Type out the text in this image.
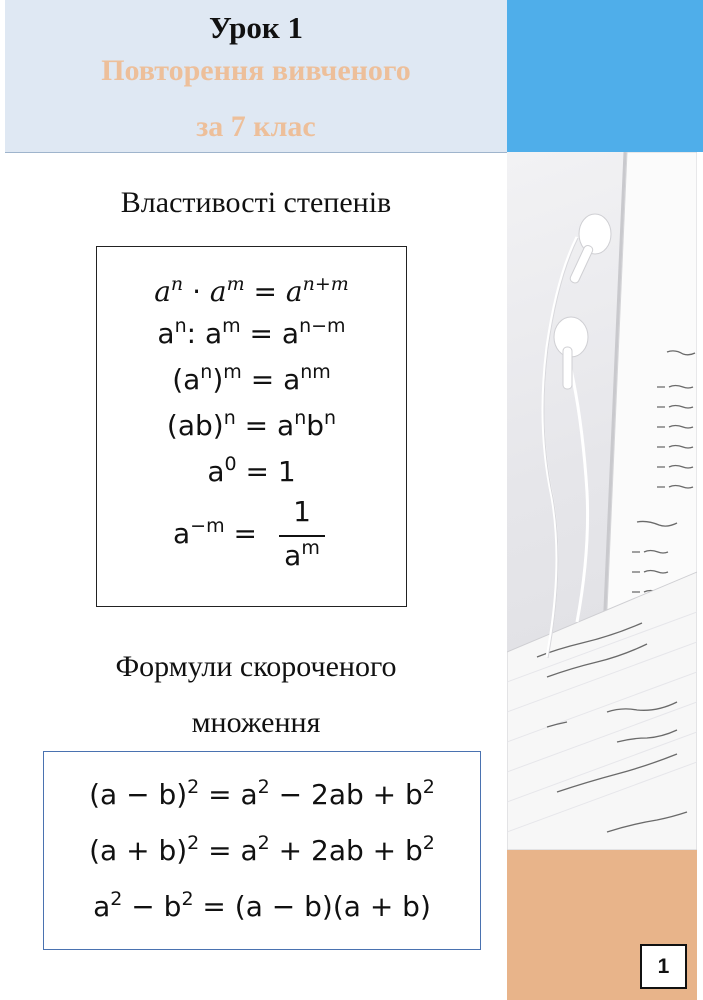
Урок 1
Повторення вивченого
за 7 клас
1
Властивості степенів
$a^n \cdot a^m = a^{n+m}$
$a^n$: $a^m = a^{n-m}$
$(a^n)^m = a^{nm}$
$(ab)^n = a^nb^n$
$a^0 = 1$
$a^{-m}$ =
1
$a^m$
Формули скороченого
множення
$(a - b)^2 = a^2 - 2ab + b^2$
$(a + b)^2 = a^2 + 2ab + b^2$
$a^2 - b^2 = (a - b)(a + b)$
